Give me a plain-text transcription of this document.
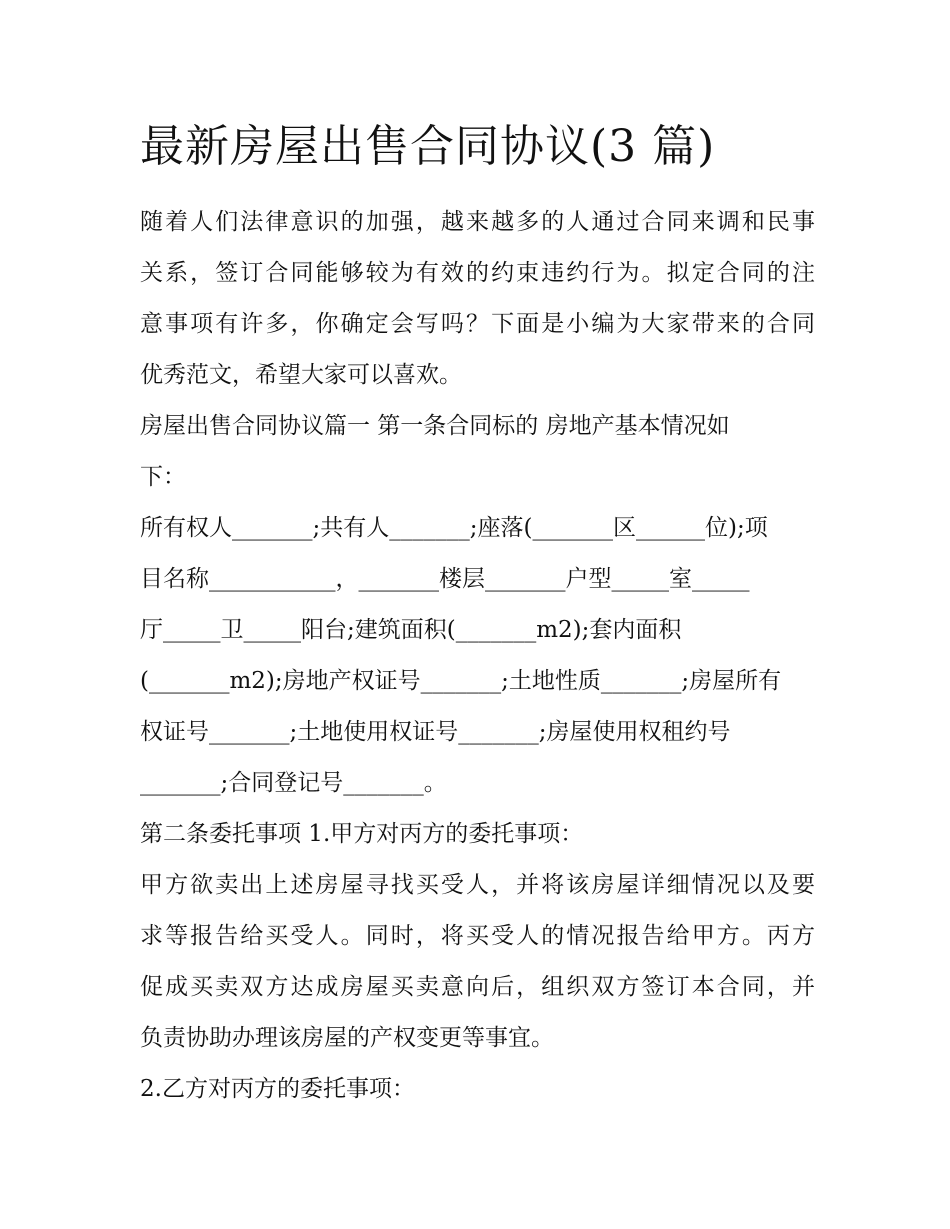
最新房屋出售合同协议(3 篇)
随着人们法律意识的加强，越来越多的人通过合同来调和民事
关系，签订合同能够较为有效的约束违约行为。拟定合同的注
意事项有许多，你确定会写吗？下面是小编为大家带来的合同
优秀范文，希望大家可以喜欢。
房屋出售合同协议篇一 第一条合同标的 房地产基本情况如
下：
所有权人_______;共有人_______;座落(_______区______位);项
目名称___________，_______楼层_______户型_____室_____
厅_____卫_____阳台;建筑面积(_______m2);套内面积
(_______m2);房地产权证号_______;土地性质_______;房屋所有
权证号_______;土地使用权证号_______;房屋使用权租约号
_______;合同登记号_______。
第二条委托事项 1.甲方对丙方的委托事项：
甲方欲卖出上述房屋寻找买受人，并将该房屋详细情况以及要
求等报告给买受人。同时，将买受人的情况报告给甲方。丙方
促成买卖双方达成房屋买卖意向后，组织双方签订本合同，并
负责协助办理该房屋的产权变更等事宜。
2.乙方对丙方的委托事项：
